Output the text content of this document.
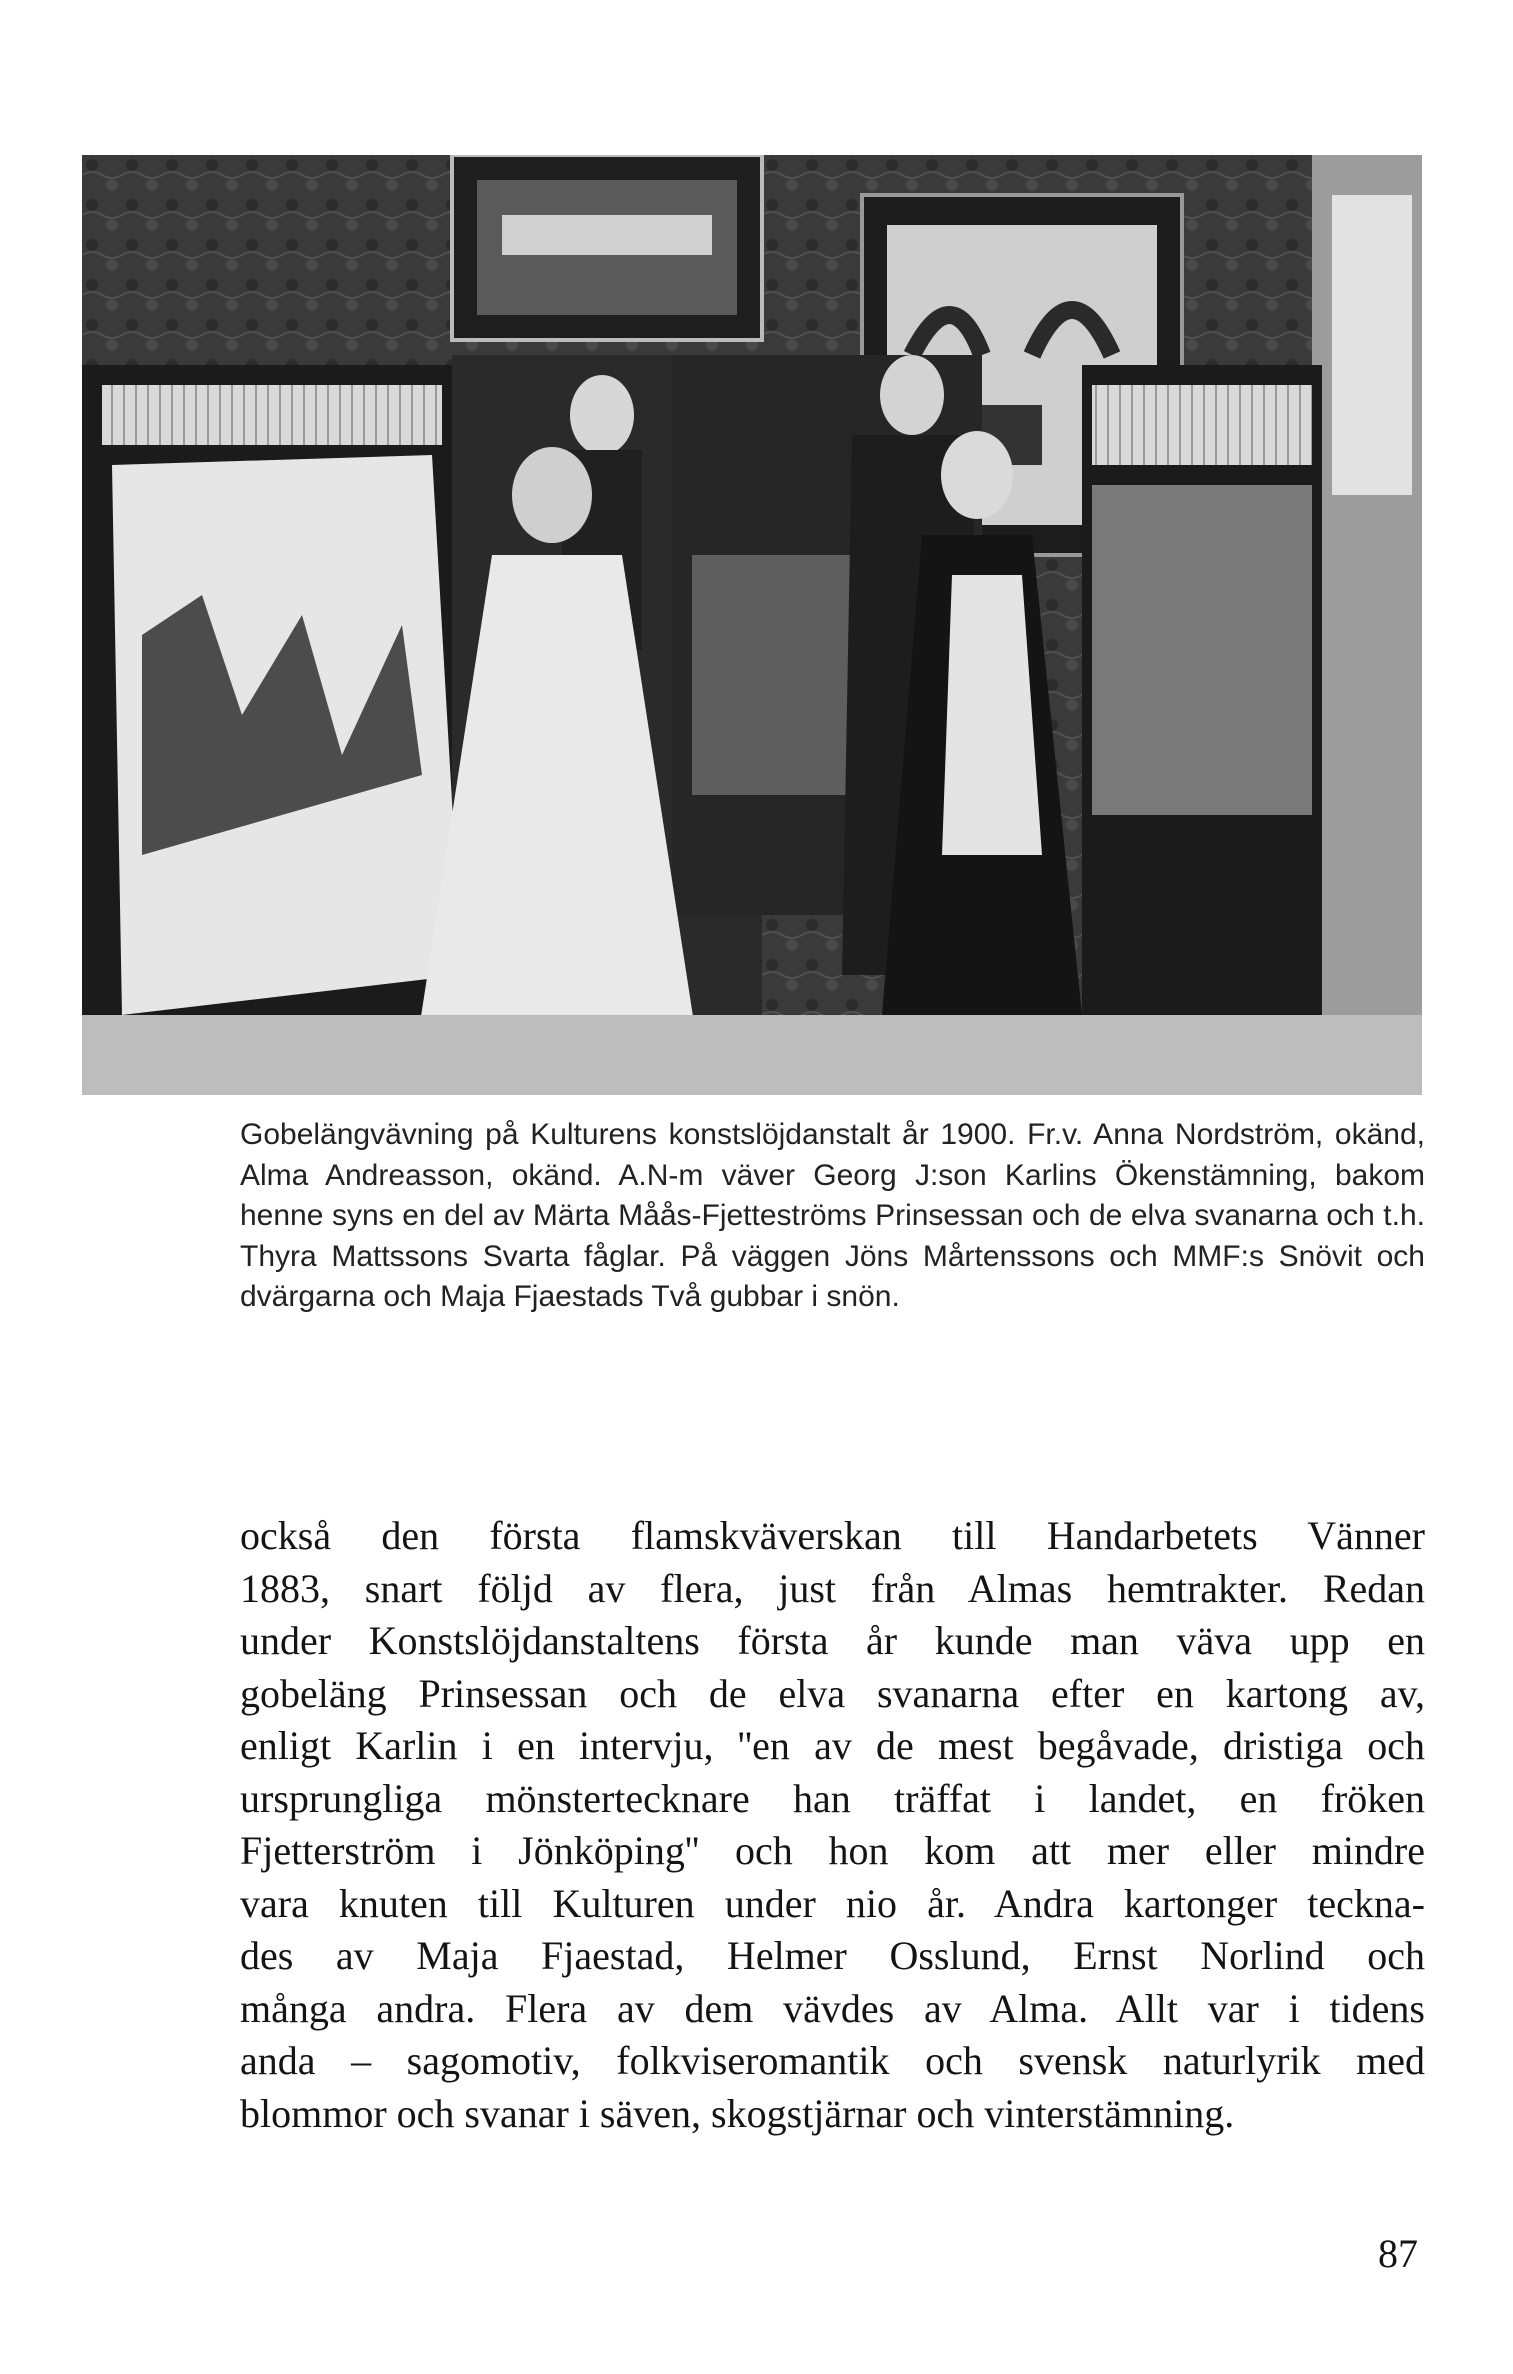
Gobelängvävning på Kulturens konstslöjdanstalt år 1900. Fr.v. Anna Nordström, okänd, Alma Andreasson, okänd. A.N-m väver Georg J:son Karlins Ökenstämning, bakom henne syns en del av Märta Måås-Fjetteströms Prinsessan och de elva svanarna och t.h. Thyra Mattssons Svarta fåglar. På väggen Jöns Mårtenssons och MMF:s Snövit och dvärgarna och Maja Fjaestads Två gubbar i snön.

också den första flamskväverskan till Handarbetets Vänner
1883, snart följd av flera, just från Almas hemtrakter. Redan
under Konstslöjdanstaltens första år kunde man väva upp en
gobeläng Prinsessan och de elva svanarna efter en kartong av,
enligt Karlin i en intervju, ''en av de mest begåvade, dristiga och
ursprungliga mönstertecknare han träffat i landet, en fröken
Fjetterström i Jönköping'' och hon kom att mer eller mindre
vara knuten till Kulturen under nio år. Andra kartonger teckna-
des av Maja Fjaestad, Helmer Osslund, Ernst Norlind och
många andra. Flera av dem vävdes av Alma. Allt var i tidens
anda – sagomotiv, folkviseromantik och svensk naturlyrik med
blommor och svanar i säven, skogstjärnar och vinterstämning.
87
